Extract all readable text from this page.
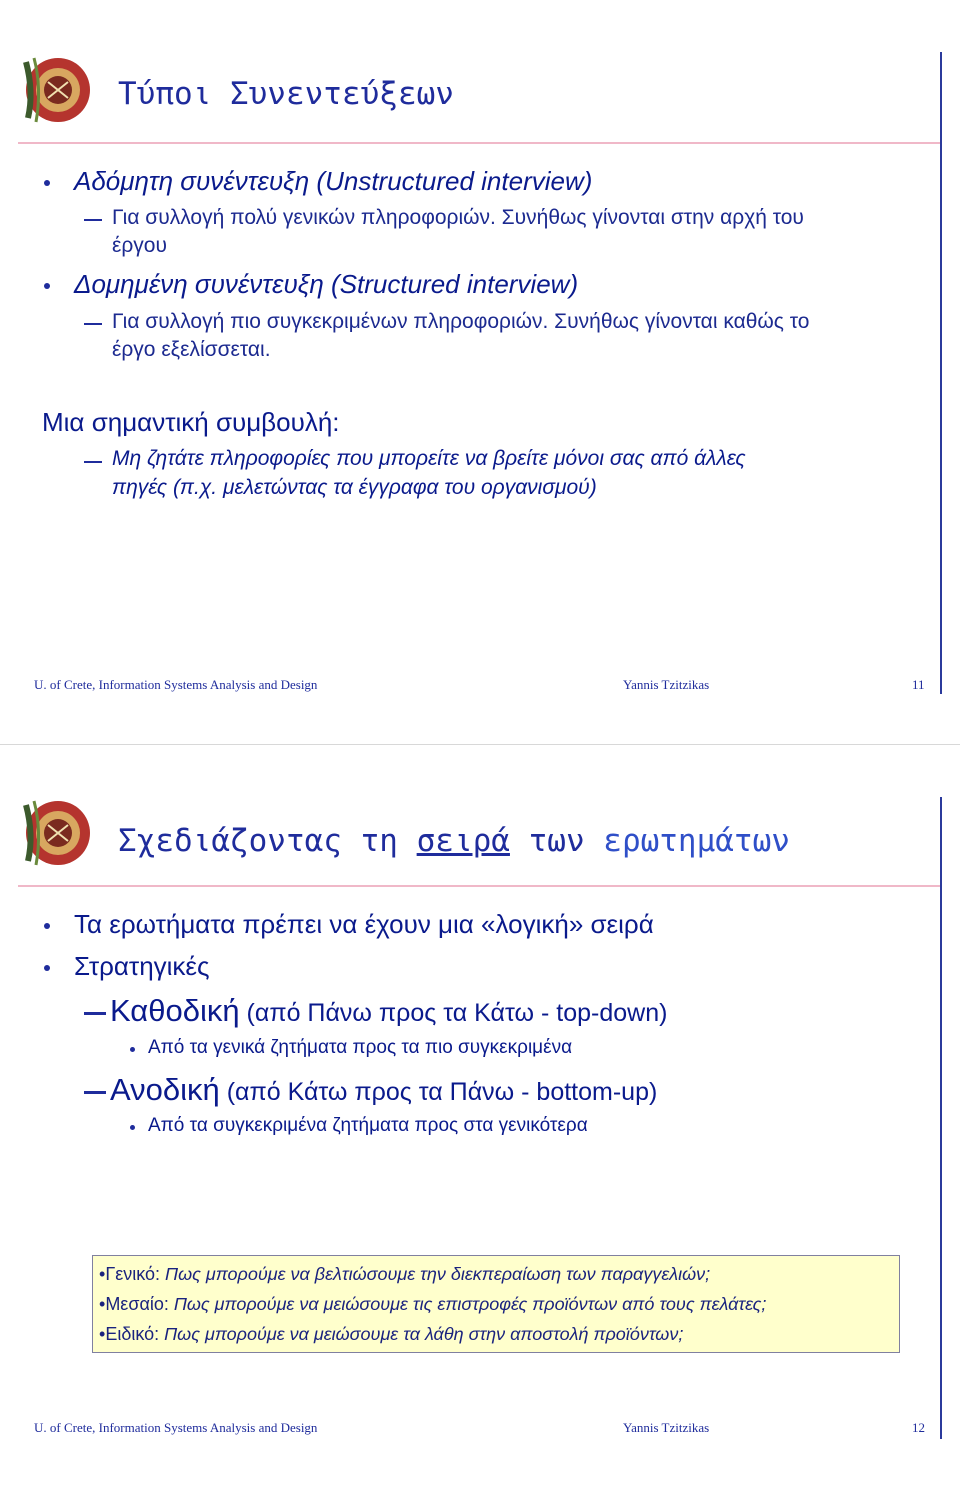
Τύποι Συνεντεύξεων
Αδόμητη συνέντευξη (Unstructured interview)
Για συλλογή πολύ γενικών πληροφοριών. Συνήθως γίνονται στην αρχή του
έργου
Δομημένη συνέντευξη (Structured interview)
Για συλλογή πιο συγκεκριμένων πληροφοριών. Συνήθως γίνονται καθώς το
έργο εξελίσσεται.
Μια σημαντική συμβουλή:
Μη ζητάτε πληροφορίες που μπορείτε να βρείτε μόνοι σας από άλλες
πηγές (π.χ. μελετώντας τα έγγραφα του οργανισμού)
U. of Crete, Information Systems Analysis and Design	Yannis Tzitzikas	11
Σχεδιάζοντας τη σειρά των ερωτημάτων
Τα ερωτήματα πρέπει να έχουν μια «λογική» σειρά
Στρατηγικές
Καθοδική (από Πάνω προς τα Κάτω - top-down)
Από τα γενικά ζητήματα προς τα πιο συγκεκριμένα
Ανοδική (από Κάτω προς τα Πάνω - bottom-up)
Από τα συγκεκριμένα ζητήματα προς στα γενικότερα
•Γενικό: Πως μπορούμε να βελτιώσουμε την διεκπεραίωση των παραγγελιών;
•Μεσαίο: Πως μπορούμε να μειώσουμε τις επιστροφές προϊόντων από τους πελάτες;
•Ειδικό: Πως μπορούμε να μειώσουμε τα λάθη στην αποστολή προϊόντων;
U. of Crete, Information Systems Analysis and Design	Yannis Tzitzikas	12
